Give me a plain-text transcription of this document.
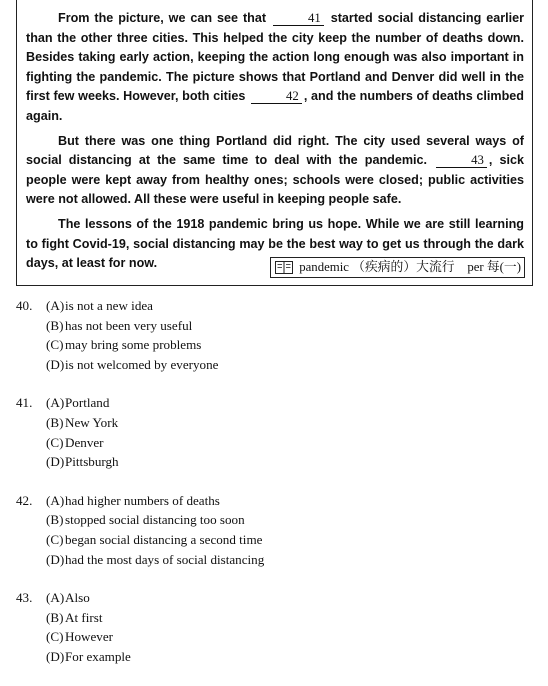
From the picture, we can see that	41 started social distancing earlier than the other three cities. This helped the city keep the number of deaths down. Besides taking early action, keeping the action long enough was also important in fighting the pandemic. The picture shows that Portland and Denver did well in the first few weeks. However, both cities	42 , and the numbers of deaths climbed again.

But there was one thing Portland did right. The city used several ways of social distancing at the same time to deal with the pandemic.	43 , sick people were kept away from healthy ones; schools were closed; public activities were not allowed. All these were useful in keeping people safe.

The lessons of the 1918 pandemic bring us hope. While we are still learning to fight Covid-19, social distancing may be the best way to get us through the dark days, at least for now.	pandemic （疾病的）大流行　per 每(一)
40.	(A) is not a new idea
(B) has not been very useful
(C) may bring some problems
(D) is not welcomed by everyone
41.	(A) Portland
(B) New York
(C) Denver
(D) Pittsburgh
42.	(A) had higher numbers of deaths
(B) stopped social distancing too soon
(C) began social distancing a second time
(D) had the most days of social distancing
43.	(A) Also
(B) At first
(C) However
(D) For example
